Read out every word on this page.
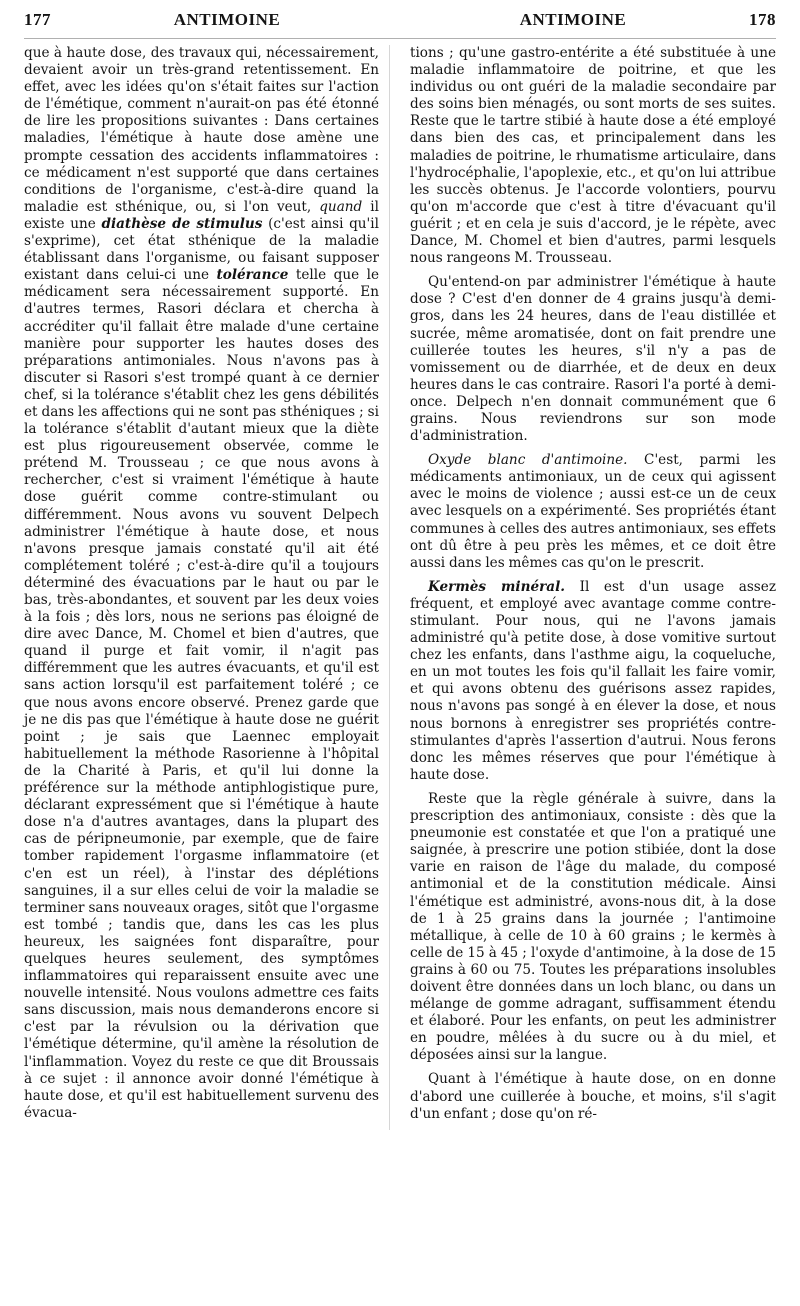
177	ANTIMOINE	ANTIMOINE	178

que à haute dose, des travaux qui, nécessairement, devaient avoir un très-grand retentissement. En effet, avec les idées qu'on s'était faites sur l'action de l'émétique, comment n'aurait-on pas été étonné de lire les propositions suivantes : Dans certaines maladies, l'émétique à haute dose amène une prompte cessation des accidents inflammatoires : ce médicament n'est supporté que dans certaines conditions de l'organisme, c'est-à-dire quand la maladie est sthénique, ou, si l'on veut, quand il existe une diathèse de stimulus (c'est ainsi qu'il s'exprime), cet état sthénique de la maladie établissant dans l'organisme, ou faisant supposer existant dans celui-ci une tolérance telle que le médicament sera nécessairement supporté. En d'autres termes, Rasori déclara et chercha à accréditer qu'il fallait être malade d'une certaine manière pour supporter les hautes doses des préparations antimoniales. Nous n'avons pas à discuter si Rasori s'est trompé quant à ce dernier chef, si la tolérance s'établit chez les gens débilités et dans les affections qui ne sont pas sthéniques ; si la tolérance s'établit d'autant mieux que la diète est plus rigoureusement observée, comme le prétend M. Trousseau ; ce que nous avons à rechercher, c'est si vraiment l'émétique à haute dose guérit comme contre-stimulant ou différemment. Nous avons vu souvent Delpech administrer l'émétique à haute dose, et nous n'avons presque jamais constaté qu'il ait été complétement toléré ; c'est-à-dire qu'il a toujours déterminé des évacuations par le haut ou par le bas, très-abondantes, et souvent par les deux voies à la fois ; dès lors, nous ne serions pas éloigné de dire avec Dance, M. Chomel et bien d'autres, que quand il purge et fait vomir, il n'agit pas différemment que les autres évacuants, et qu'il est sans action lorsqu'il est parfaitement toléré ; ce que nous avons encore observé. Prenez garde que je ne dis pas que l'émétique à haute dose ne guérit point ; je sais que Laennec employait habituellement la méthode Rasorienne à l'hôpital de la Charité à Paris, et qu'il lui donne la préférence sur la méthode antiphlogistique pure, déclarant expressément que si l'émétique à haute dose n'a d'autres avantages, dans la plupart des cas de péripneumonie, par exemple, que de faire tomber rapidement l'orgasme inflammatoire (et c'en est un réel), à l'instar des déplétions sanguines, il a sur elles celui de voir la maladie se terminer sans nouveaux orages, sitôt que l'orgasme est tombé ; tandis que, dans les cas les plus heureux, les saignées font disparaître, pour quelques heures seulement, des symptômes inflammatoires qui reparaissent ensuite avec une nouvelle intensité. Nous voulons admettre ces faits sans discussion, mais nous demanderons encore si c'est par la révulsion ou la dérivation que l'émétique détermine, qu'il amène la résolution de l'inflammation. Voyez du reste ce que dit Broussais à ce sujet : il annonce avoir donné l'émétique à haute dose, et qu'il est habituellement survenu des évacua-

tions ; qu'une gastro-entérite a été substituée à une maladie inflammatoire de poitrine, et que les individus ou ont guéri de la maladie secondaire par des soins bien ménagés, ou sont morts de ses suites. Reste que le tartre stibié à haute dose a été employé dans bien des cas, et principalement dans les maladies de poitrine, le rhumatisme articulaire, dans l'hydrocéphalie, l'apoplexie, etc., et qu'on lui attribue les succès obtenus. Je l'accorde volontiers, pourvu qu'on m'accorde que c'est à titre d'évacuant qu'il guérit ; et en cela je suis d'accord, je le répète, avec Dance, M. Chomel et bien d'autres, parmi lesquels nous rangeons M. Trousseau.

Qu'entend-on par administrer l'émétique à haute dose ? C'est d'en donner de 4 grains jusqu'à demi-gros, dans les 24 heures, dans de l'eau distillée et sucrée, même aromatisée, dont on fait prendre une cuillerée toutes les heures, s'il n'y a pas de vomissement ou de diarrhée, et de deux en deux heures dans le cas contraire. Rasori l'a porté à demi-once. Delpech n'en donnait communément que 6 grains. Nous reviendrons sur son mode d'administration.

Oxyde blanc d'antimoine. C'est, parmi les médicaments antimoniaux, un de ceux qui agissent avec le moins de violence ; aussi est-ce un de ceux avec lesquels on a expérimenté. Ses propriétés étant communes à celles des autres antimoniaux, ses effets ont dû être à peu près les mêmes, et ce doit être aussi dans les mêmes cas qu'on le prescrit.

Kermès minéral. Il est d'un usage assez fréquent, et employé avec avantage comme contre-stimulant. Pour nous, qui ne l'avons jamais administré qu'à petite dose, à dose vomitive surtout chez les enfants, dans l'asthme aigu, la coqueluche, en un mot toutes les fois qu'il fallait les faire vomir, et qui avons obtenu des guérisons assez rapides, nous n'avons pas songé à en élever la dose, et nous nous bornons à enregistrer ses propriétés contre-stimulantes d'après l'assertion d'autrui. Nous ferons donc les mêmes réserves que pour l'émétique à haute dose.

Reste que la règle générale à suivre, dans la prescription des antimoniaux, consiste : dès que la pneumonie est constatée et que l'on a pratiqué une saignée, à prescrire une potion stibiée, dont la dose varie en raison de l'âge du malade, du composé antimonial et de la constitution médicale. Ainsi l'émétique est administré, avons-nous dit, à la dose de 1 à 25 grains dans la journée ; l'antimoine métallique, à celle de 10 à 60 grains ; le kermès à celle de 15 à 45 ; l'oxyde d'antimoine, à la dose de 15 grains à 60 ou 75. Toutes les préparations insolubles doivent être données dans un loch blanc, ou dans un mélange de gomme adragant, suffisamment étendu et élaboré. Pour les enfants, on peut les administrer en poudre, mêlées à du sucre ou à du miel, et déposées ainsi sur la langue.

Quant à l'émétique à haute dose, on en donne d'abord une cuillerée à bouche, et moins, s'il s'agit d'un enfant ; dose qu'on ré-
